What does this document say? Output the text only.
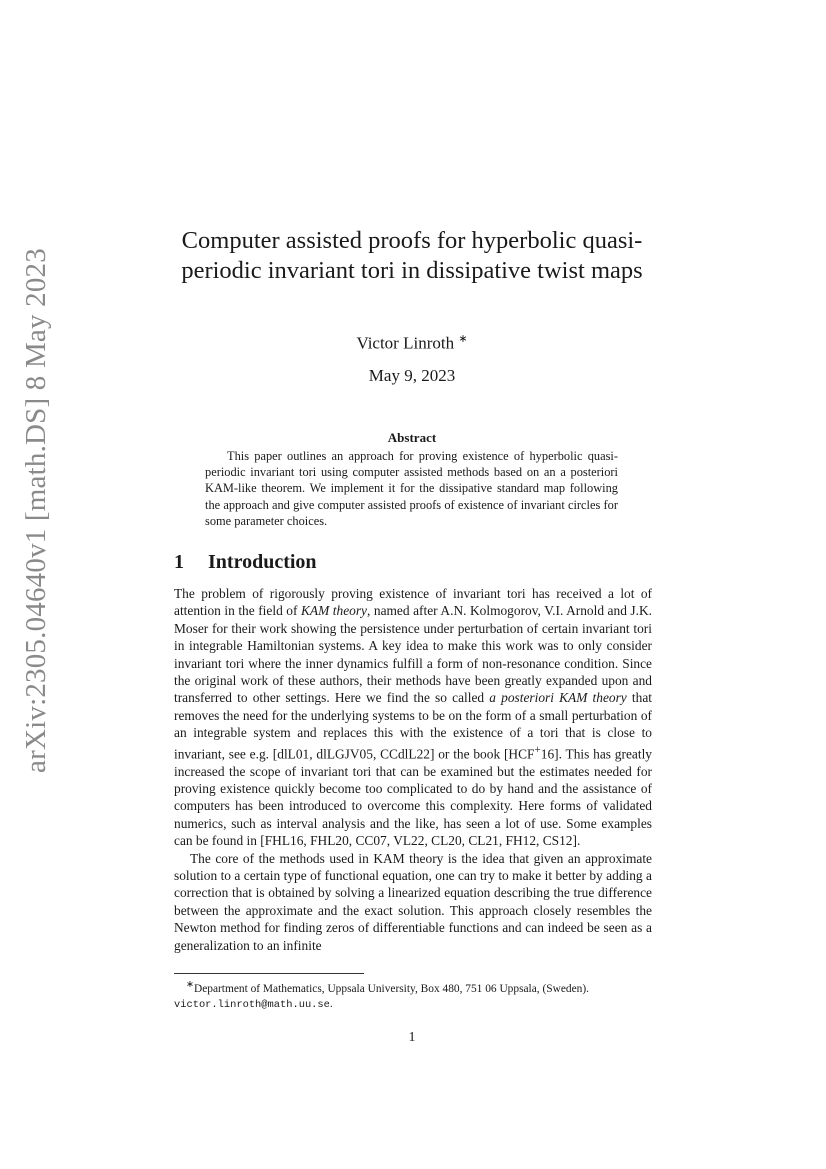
arXiv:2305.04640v1 [math.DS] 8 May 2023
Computer assisted proofs for hyperbolic quasi-periodic invariant tori in dissipative twist maps
Victor Linroth ∗
May 9, 2023
Abstract

This paper outlines an approach for proving existence of hyperbolic quasi-periodic invariant tori using computer assisted methods based on an a posteriori KAM-like theorem. We implement it for the dissipative standard map following the approach and give computer assisted proofs of existence of invariant circles for some parameter choices.

1 Introduction

The problem of rigorously proving existence of invariant tori has received a lot of attention in the field of KAM theory, named after A.N. Kolmogorov, V.I. Arnold and J.K. Moser for their work showing the persistence under perturbation of certain invariant tori in integrable Hamiltonian systems. A key idea to make this work was to only consider invariant tori where the inner dynamics fulfill a form of non-resonance condition. Since the original work of these authors, their methods have been greatly expanded upon and transferred to other settings. Here we find the so called a posteriori KAM theory that removes the need for the underlying systems to be on the form of a small perturbation of an integrable system and replaces this with the existence of a tori that is close to invariant, see e.g. [dlL01, dlLGJV05, CCdlL22] or the book [HCF+16]. This has greatly increased the scope of invariant tori that can be examined but the estimates needed for proving existence quickly become too complicated to do by hand and the assistance of computers has been introduced to overcome this complexity. Here forms of validated numerics, such as interval analysis and the like, has seen a lot of use. Some examples can be found in [FHL16, FHL20, CC07, VL22, CL20, CL21, FH12, CS12].

The core of the methods used in KAM theory is the idea that given an approximate solution to a certain type of functional equation, one can try to make it better by adding a correction that is obtained by solving a linearized equation describing the true difference between the approximate and the exact solution. This approach closely resembles the Newton method for finding zeros of differentiable functions and can indeed be seen as a generalization to an infinite

∗Department of Mathematics, Uppsala University, Box 480, 751 06 Uppsala, (Sweden). victor.linroth@math.uu.se.
1
